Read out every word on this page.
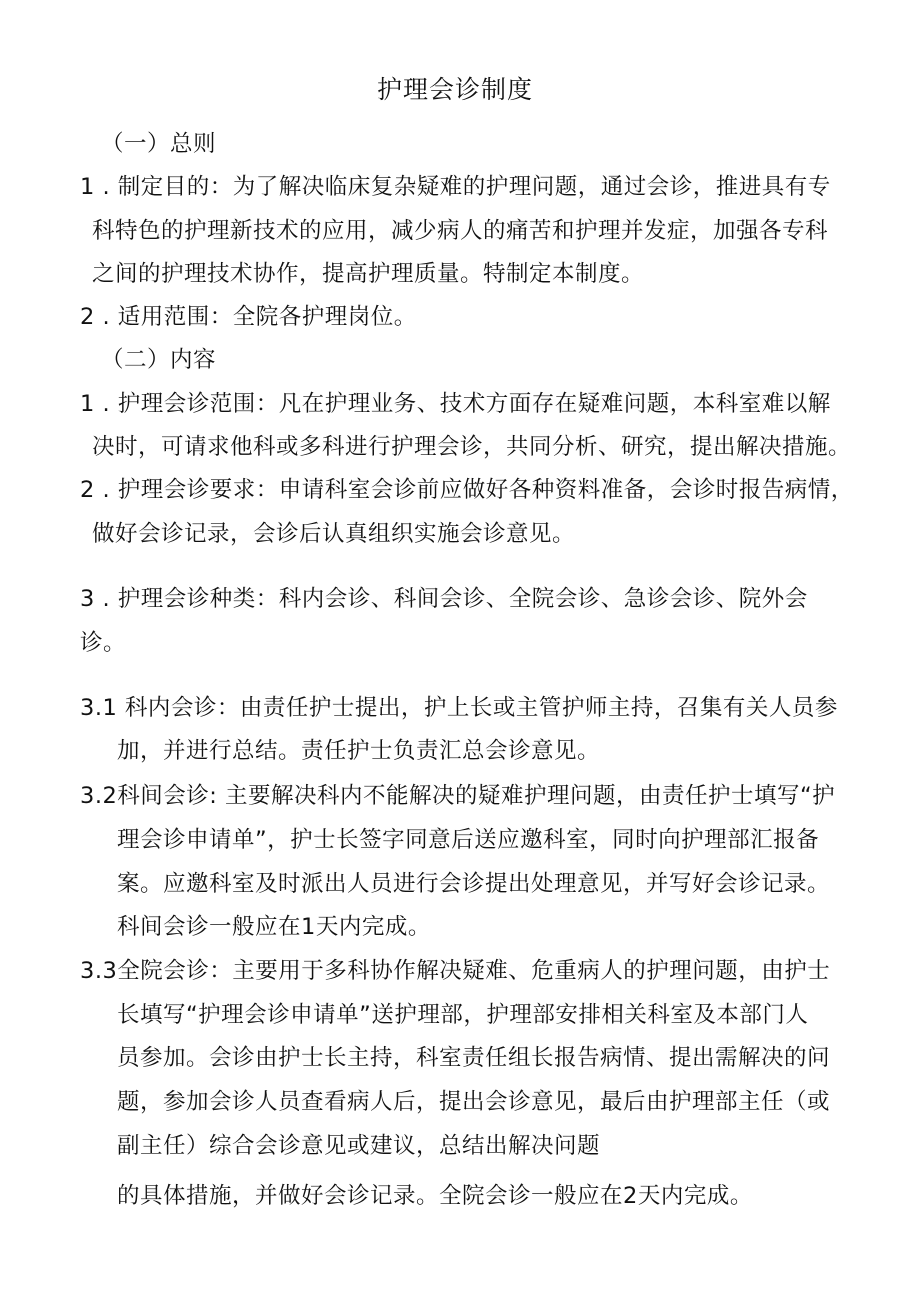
护理会诊制度
（一）总则
1 . 制定目的：为了解决临床复杂疑难的护理问题，通过会诊，推进具有专
科特色的护理新技术的应用，减少病人的痛苦和护理并发症，加强各专科
之间的护理技术协作，提高护理质量。特制定本制度。
2 . 适用范围：全院各护理岗位。
（二）内容
1 . 护理会诊范围：凡在护理业务、技术方面存在疑难问题，本科室难以解
决时，可请求他科或多科进行护理会诊，共同分析、研究，提出解决措施。
2 . 护理会诊要求：申请科室会诊前应做好各种资料准备，会诊时报告病情，
做好会诊记录，会诊后认真组织实施会诊意见。
3 . 护理会诊种类：科内会诊、科间会诊、全院会诊、急诊会诊、院外会
诊。
3.1 科内会诊：由责任护士提出，护上长或主管护师主持，召集有关人员参
加，并进行总结。责任护士负责汇总会诊意见。
3.2科间会诊: 主要解决科内不能解决的疑难护理问题，由责任护士填写“护
理会诊申请单”，护士长签字同意后送应邀科室，同时向护理部汇报备
案。应邀科室及时派出人员进行会诊提出处理意见，并写好会诊记录。
科间会诊一般应在1天内完成。
3.3全院会诊：主要用于多科协作解决疑难、危重病人的护理问题，由护士
长填写“护理会诊申请单”送护理部，护理部安排相关科室及本部门人
员参加。会诊由护士长主持，科室责任组长报告病情、提出需解决的问
题，参加会诊人员查看病人后，提出会诊意见，最后由护理部主任（或
副主任）综合会诊意见或建议，总结出解决问题
的具体措施，并做好会诊记录。全院会诊一般应在2天内完成。
